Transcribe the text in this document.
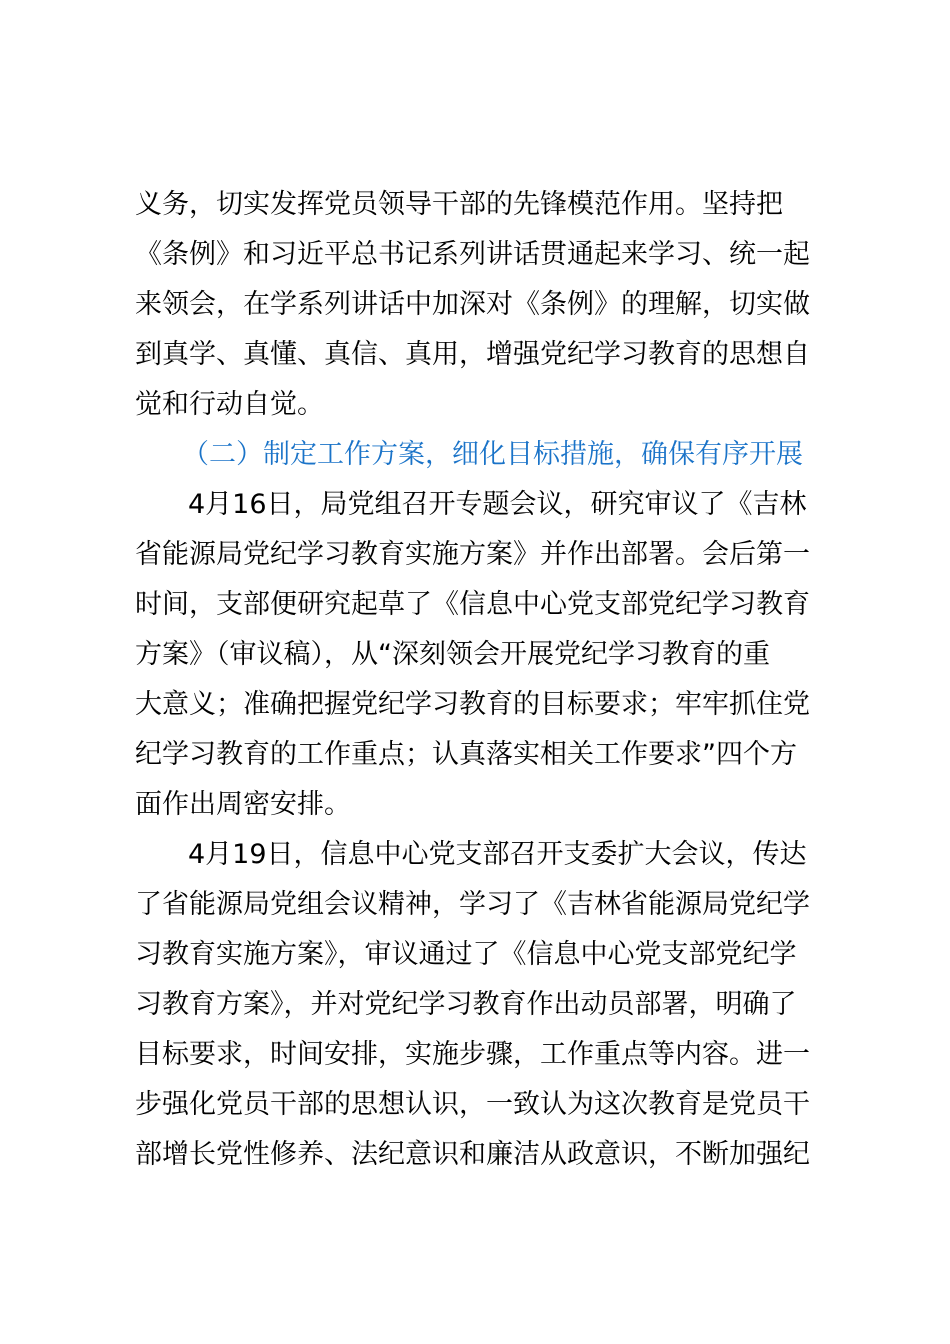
义务，切实发挥党员领导干部的先锋模范作用。坚持把
《条例》和习近平总书记系列讲话贯通起来学习、统一起
来领会，在学系列讲话中加深对《条例》的理解，切实做
到真学、真懂、真信、真用，增强党纪学习教育的思想自
觉和行动自觉。
（二）制定工作方案，细化目标措施，确保有序开展
4月16日，局党组召开专题会议，研究审议了《吉林
省能源局党纪学习教育实施方案》并作出部署。会后第一
时间，支部便研究起草了《信息中心党支部党纪学习教育
方案》（审议稿），从“深刻领会开展党纪学习教育的重
大意义；准确把握党纪学习教育的目标要求；牢牢抓住党
纪学习教育的工作重点；认真落实相关工作要求”四个方
面作出周密安排。
4月19日，信息中心党支部召开支委扩大会议，传达
了省能源局党组会议精神，学习了《吉林省能源局党纪学
习教育实施方案》，审议通过了《信息中心党支部党纪学
习教育方案》，并对党纪学习教育作出动员部署，明确了
目标要求，时间安排，实施步骤，工作重点等内容。进一
步强化党员干部的思想认识，一致认为这次教育是党员干
部增长党性修养、法纪意识和廉洁从政意识，不断加强纪
